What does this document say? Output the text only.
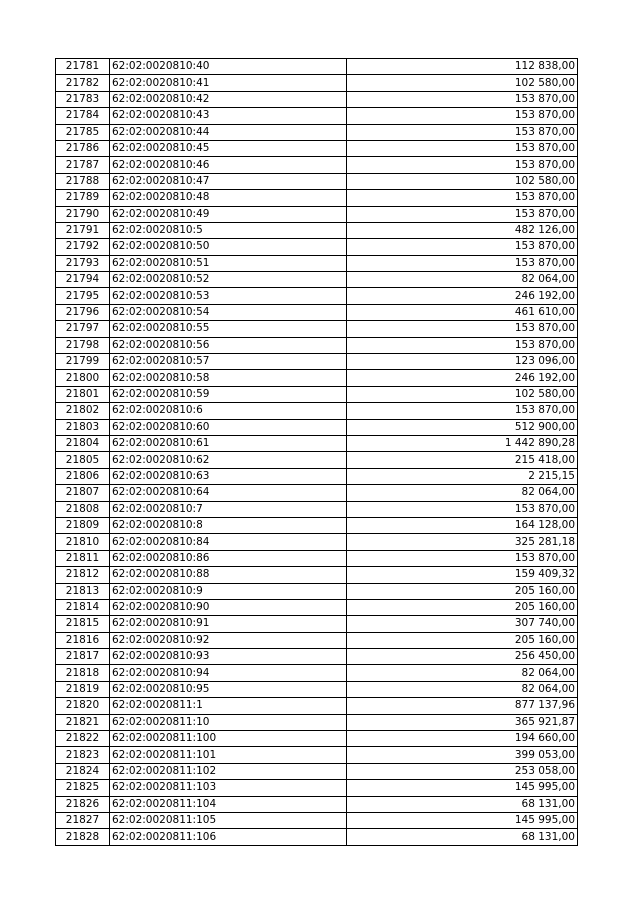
21781	62:02:0020810:40	112 838,00
21782	62:02:0020810:41	102 580,00
21783	62:02:0020810:42	153 870,00
21784	62:02:0020810:43	153 870,00
21785	62:02:0020810:44	153 870,00
21786	62:02:0020810:45	153 870,00
21787	62:02:0020810:46	153 870,00
21788	62:02:0020810:47	102 580,00
21789	62:02:0020810:48	153 870,00
21790	62:02:0020810:49	153 870,00
21791	62:02:0020810:5	482 126,00
21792	62:02:0020810:50	153 870,00
21793	62:02:0020810:51	153 870,00
21794	62:02:0020810:52	82 064,00
21795	62:02:0020810:53	246 192,00
21796	62:02:0020810:54	461 610,00
21797	62:02:0020810:55	153 870,00
21798	62:02:0020810:56	153 870,00
21799	62:02:0020810:57	123 096,00
21800	62:02:0020810:58	246 192,00
21801	62:02:0020810:59	102 580,00
21802	62:02:0020810:6	153 870,00
21803	62:02:0020810:60	512 900,00
21804	62:02:0020810:61	1 442 890,28
21805	62:02:0020810:62	215 418,00
21806	62:02:0020810:63	2 215,15
21807	62:02:0020810:64	82 064,00
21808	62:02:0020810:7	153 870,00
21809	62:02:0020810:8	164 128,00
21810	62:02:0020810:84	325 281,18
21811	62:02:0020810:86	153 870,00
21812	62:02:0020810:88	159 409,32
21813	62:02:0020810:9	205 160,00
21814	62:02:0020810:90	205 160,00
21815	62:02:0020810:91	307 740,00
21816	62:02:0020810:92	205 160,00
21817	62:02:0020810:93	256 450,00
21818	62:02:0020810:94	82 064,00
21819	62:02:0020810:95	82 064,00
21820	62:02:0020811:1	877 137,96
21821	62:02:0020811:10	365 921,87
21822	62:02:0020811:100	194 660,00
21823	62:02:0020811:101	399 053,00
21824	62:02:0020811:102	253 058,00
21825	62:02:0020811:103	145 995,00
21826	62:02:0020811:104	68 131,00
21827	62:02:0020811:105	145 995,00
21828	62:02:0020811:106	68 131,00
